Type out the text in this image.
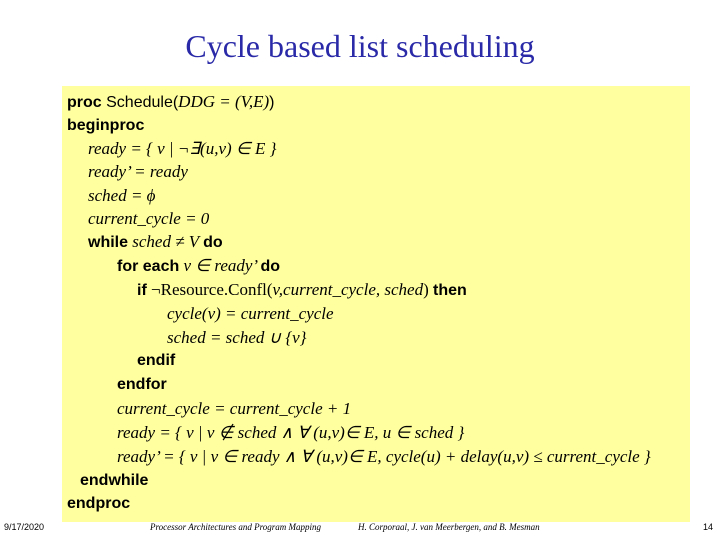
Cycle based list scheduling
proc Schedule(DDG = (V,E))
beginproc
ready = { v | ¬∃(u,v) ∈ E }
ready’ = ready
sched = ϕ
current_cycle = 0
while sched ≠ V do
for each v ∈ ready’ do
if ¬Resource.Confl(v,current_cycle, sched) then
cycle(v) = current_cycle
sched = sched ∪ {v}
endif
endfor
current_cycle = current_cycle + 1
ready = { v | v ∉ sched ∧ ∀ (u,v)∈ E, u ∈ sched }
ready’ = { v | v ∈ ready ∧ ∀ (u,v)∈ E, cycle(u) + delay(u,v) ≤ current_cycle }
endwhile
endproc
9/17/2020	Processor Architectures and Program Mapping	H. Corporaal, J. van Meerbergen, and B. Mesman	14
